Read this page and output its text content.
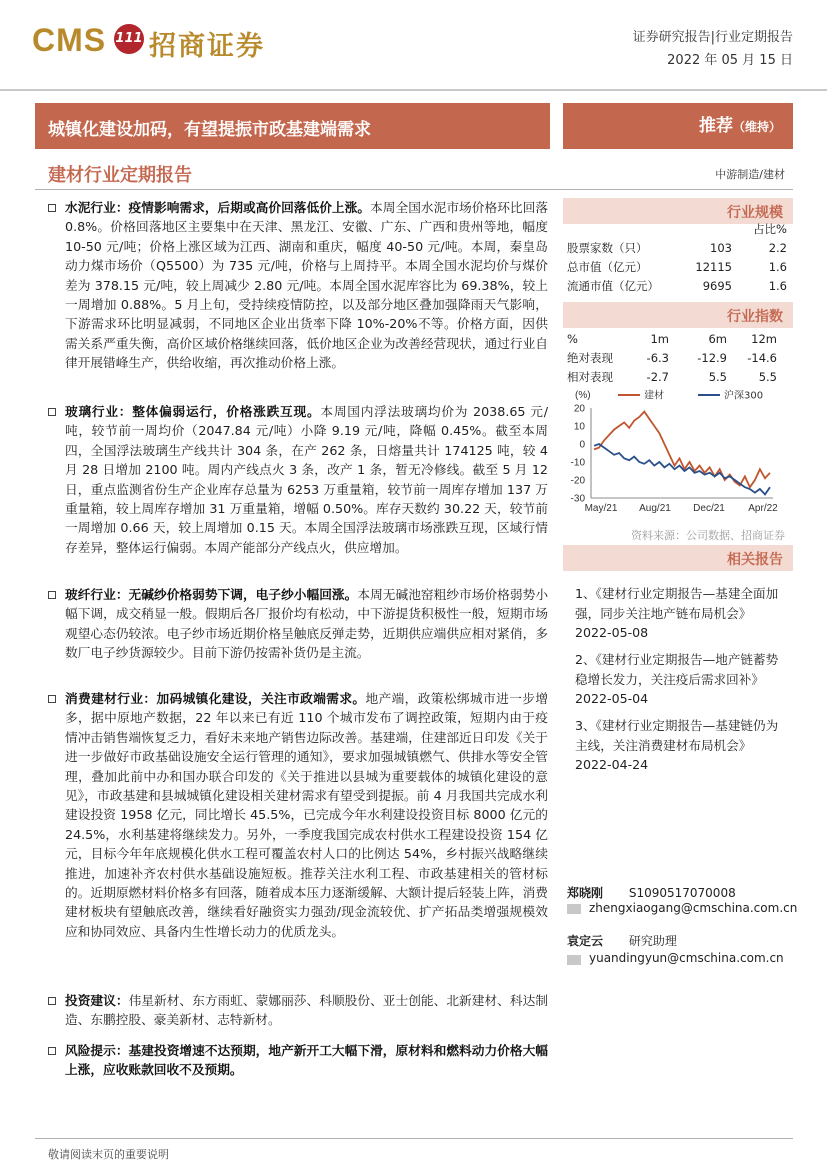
CMS 111 招商证券	证券研究报告|行业定期报告
2022 年 05 月 15 日
城镇化建设加码，有望提振市政基建端需求	推荐（维持）
建材行业定期报告	中游制造/建材
水泥行业：疫情影响需求，后期或高价回落低价上涨。本周全国水泥市场价格环比回落 0.8%。价格回落地区主要集中在天津、黑龙江、安徽、广东、广西和贵州等地，幅度 10-50 元/吨；价格上涨区域为江西、湖南和重庆，幅度 40-50 元/吨。本周，秦皇岛动力煤市场价（Q5500）为 735 元/吨，价格与上周持平。本周全国水泥均价与煤价差为 378.15 元/吨，较上周减少 2.80 元/吨。本周全国水泥库容比为 69.38%，较上一周增加 0.88%。5 月上旬，受持续疫情防控，以及部分地区叠加强降雨天气影响，下游需求环比明显减弱，不同地区企业出货率下降 10%-20%不等。价格方面，因供需关系严重失衡，高价区域价格继续回落，低价地区企业为改善经营现状，通过行业自律开展错峰生产，供给收缩，再次推动价格上涨。
玻璃行业：整体偏弱运行，价格涨跌互现。本周国内浮法玻璃均价为 2038.65 元/吨，较节前一周均价（2047.84 元/吨）小降 9.19 元/吨，降幅 0.45%。截至本周四，全国浮法玻璃生产线共计 304 条，在产 262 条，日熔量共计 174125 吨，较 4 月 28 日增加 2100 吨。周内产线点火 3 条，改产 1 条，暂无冷修线。截至 5 月 12 日，重点监测省份生产企业库存总量为 6253 万重量箱，较节前一周库存增加 137 万重量箱，较上周库存增加 31 万重量箱，增幅 0.50%。库存天数约 30.22 天，较节前一周增加 0.66 天，较上周增加 0.15 天。本周全国浮法玻璃市场涨跌互现，区域行情存差异，整体运行偏弱。本周产能部分产线点火，供应增加。
玻纤行业：无碱纱价格弱势下调，电子纱小幅回涨。本周无碱池窑粗纱市场价格弱势小幅下调，成交稍显一般。假期后各厂报价均有松动，中下游提货积极性一般，短期市场观望心态仍较浓。电子纱市场近期价格呈触底反弹走势，近期供应端供应相对紧俏，多数厂电子纱货源较少。目前下游仍按需补货仍是主流。
消费建材行业：加码城镇化建设，关注市政端需求。地产端，政策松绑城市进一步增多，据中原地产数据，22 年以来已有近 110 个城市发布了调控政策，短期内由于疫情冲击销售端恢复乏力，看好未来地产销售边际改善。基建端，住建部近日印发《关于进一步做好市政基础设施安全运行管理的通知》，要求加强城镇燃气、供排水等安全管理，叠加此前中办和国办联合印发的《关于推进以县城为重要载体的城镇化建设的意见》，市政基建和县城城镇化建设相关建材需求有望受到提振。前 4 月我国共完成水利建设投资 1958 亿元，同比增长 45.5%，已完成今年水利建设投资目标 8000 亿元的 24.5%，水利基建将继续发力。另外，一季度我国完成农村供水工程建设投资 154 亿元，目标今年年底规模化供水工程可覆盖农村人口的比例达 54%，乡村振兴战略继续推进，加速补齐农村供水基础设施短板。推荐关注水利工程、市政基建相关的管材标的。近期原燃材料价格多有回落，随着成本压力逐渐缓解、大额计提后轻装上阵，消费建材板块有望触底改善，继续看好融资实力强劲/现金流较优、扩产拓品类增强规模效应和协同效应、具备内生性增长动力的优质龙头。
投资建议：伟星新材、东方雨虹、蒙娜丽莎、科顺股份、亚士创能、北新建材、科达制造、东鹏控股、豪美新材、志特新材。
风险提示：基建投资增速不达预期，地产新开工大幅下滑，原材料和燃料动力价格大幅上涨，应收账款回收不及预期。
行业规模
占比%
股票家数（只）	103	2.2
总市值（亿元）	12115	1.6
流通市值（亿元）	9695	1.6
行业指数
%	1m	6m	12m
绝对表现	-6.3	-12.9	-14.6
相对表现	-2.7	5.5	5.5
(%)
20
10
0
-10
-20
-30
May/21 Aug/21 Dec/21 Apr/22
建材	沪深300
资料来源：公司数据、招商证券
相关报告
1、《建材行业定期报告—基建全面加强，同步关注地产链布局机会》2022-05-08
2、《建材行业定期报告—地产链蓄势稳增长发力，关注疫后需求回补》2022-05-04
3、《建材行业定期报告—基建链仍为主线，关注消费建材布局机会》2022-04-24
郑晓刚 S1090517070008
zhengxiaogang@cmschina.com.cn
袁定云 研究助理
yuandingyun@cmschina.com.cn
敬请阅读末页的重要说明
